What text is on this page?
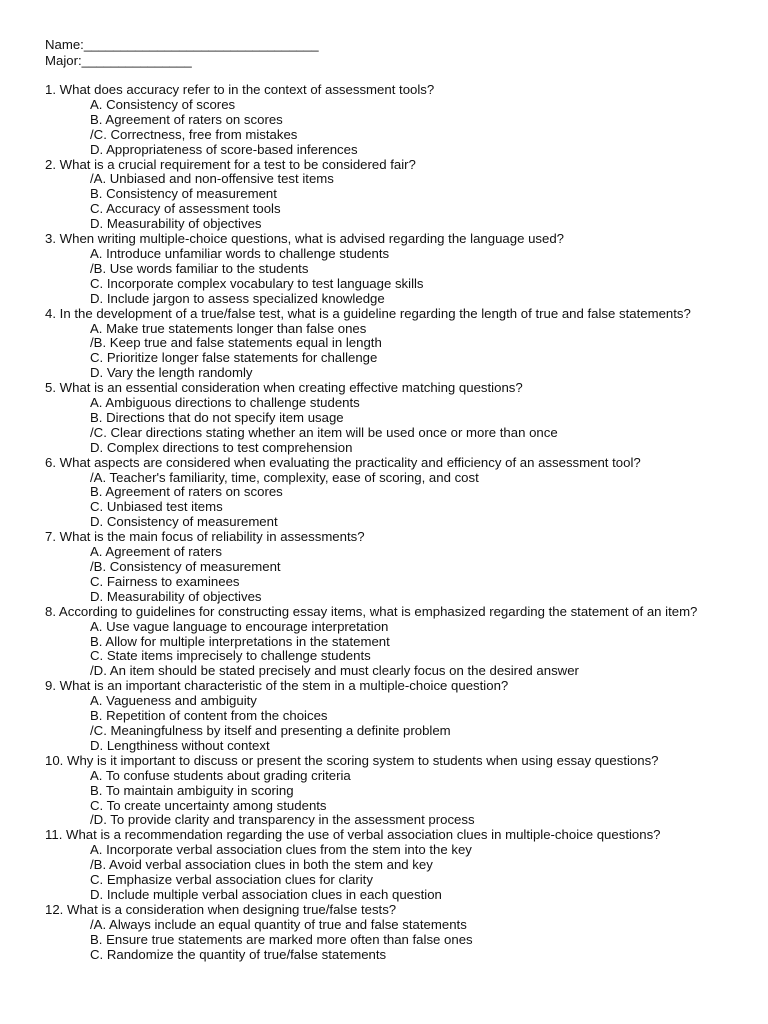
Name:________________________________
Major:_______________
1. What does accuracy refer to in the context of assessment tools?
A. Consistency of scores
B. Agreement of raters on scores
/C. Correctness, free from mistakes
D. Appropriateness of score-based inferences
2. What is a crucial requirement for a test to be considered fair?
/A. Unbiased and non-offensive test items
B. Consistency of measurement
C. Accuracy of assessment tools
D. Measurability of objectives
3. When writing multiple-choice questions, what is advised regarding the language used?
A. Introduce unfamiliar words to challenge students
/B. Use words familiar to the students
C. Incorporate complex vocabulary to test language skills
D. Include jargon to assess specialized knowledge
4. In the development of a true/false test, what is a guideline regarding the length of true and false statements?
A. Make true statements longer than false ones
/B. Keep true and false statements equal in length
C. Prioritize longer false statements for challenge
D. Vary the length randomly
5. What is an essential consideration when creating effective matching questions?
A. Ambiguous directions to challenge students
B. Directions that do not specify item usage
/C. Clear directions stating whether an item will be used once or more than once
D. Complex directions to test comprehension
6. What aspects are considered when evaluating the practicality and efficiency of an assessment tool?
/A. Teacher's familiarity, time, complexity, ease of scoring, and cost
B. Agreement of raters on scores
C. Unbiased test items
D. Consistency of measurement
7. What is the main focus of reliability in assessments?
A. Agreement of raters
/B. Consistency of measurement
C. Fairness to examinees
D. Measurability of objectives
8. According to guidelines for constructing essay items, what is emphasized regarding the statement of an item?
A. Use vague language to encourage interpretation
B. Allow for multiple interpretations in the statement
C. State items imprecisely to challenge students
/D. An item should be stated precisely and must clearly focus on the desired answer
9. What is an important characteristic of the stem in a multiple-choice question?
A. Vagueness and ambiguity
B. Repetition of content from the choices
/C. Meaningfulness by itself and presenting a definite problem
D. Lengthiness without context
10. Why is it important to discuss or present the scoring system to students when using essay questions?
A. To confuse students about grading criteria
B. To maintain ambiguity in scoring
C. To create uncertainty among students
/D. To provide clarity and transparency in the assessment process
11. What is a recommendation regarding the use of verbal association clues in multiple-choice questions?
A. Incorporate verbal association clues from the stem into the key
/B. Avoid verbal association clues in both the stem and key
C. Emphasize verbal association clues for clarity
D. Include multiple verbal association clues in each question
12. What is a consideration when designing true/false tests?
/A. Always include an equal quantity of true and false statements
B. Ensure true statements are marked more often than false ones
C. Randomize the quantity of true/false statements
